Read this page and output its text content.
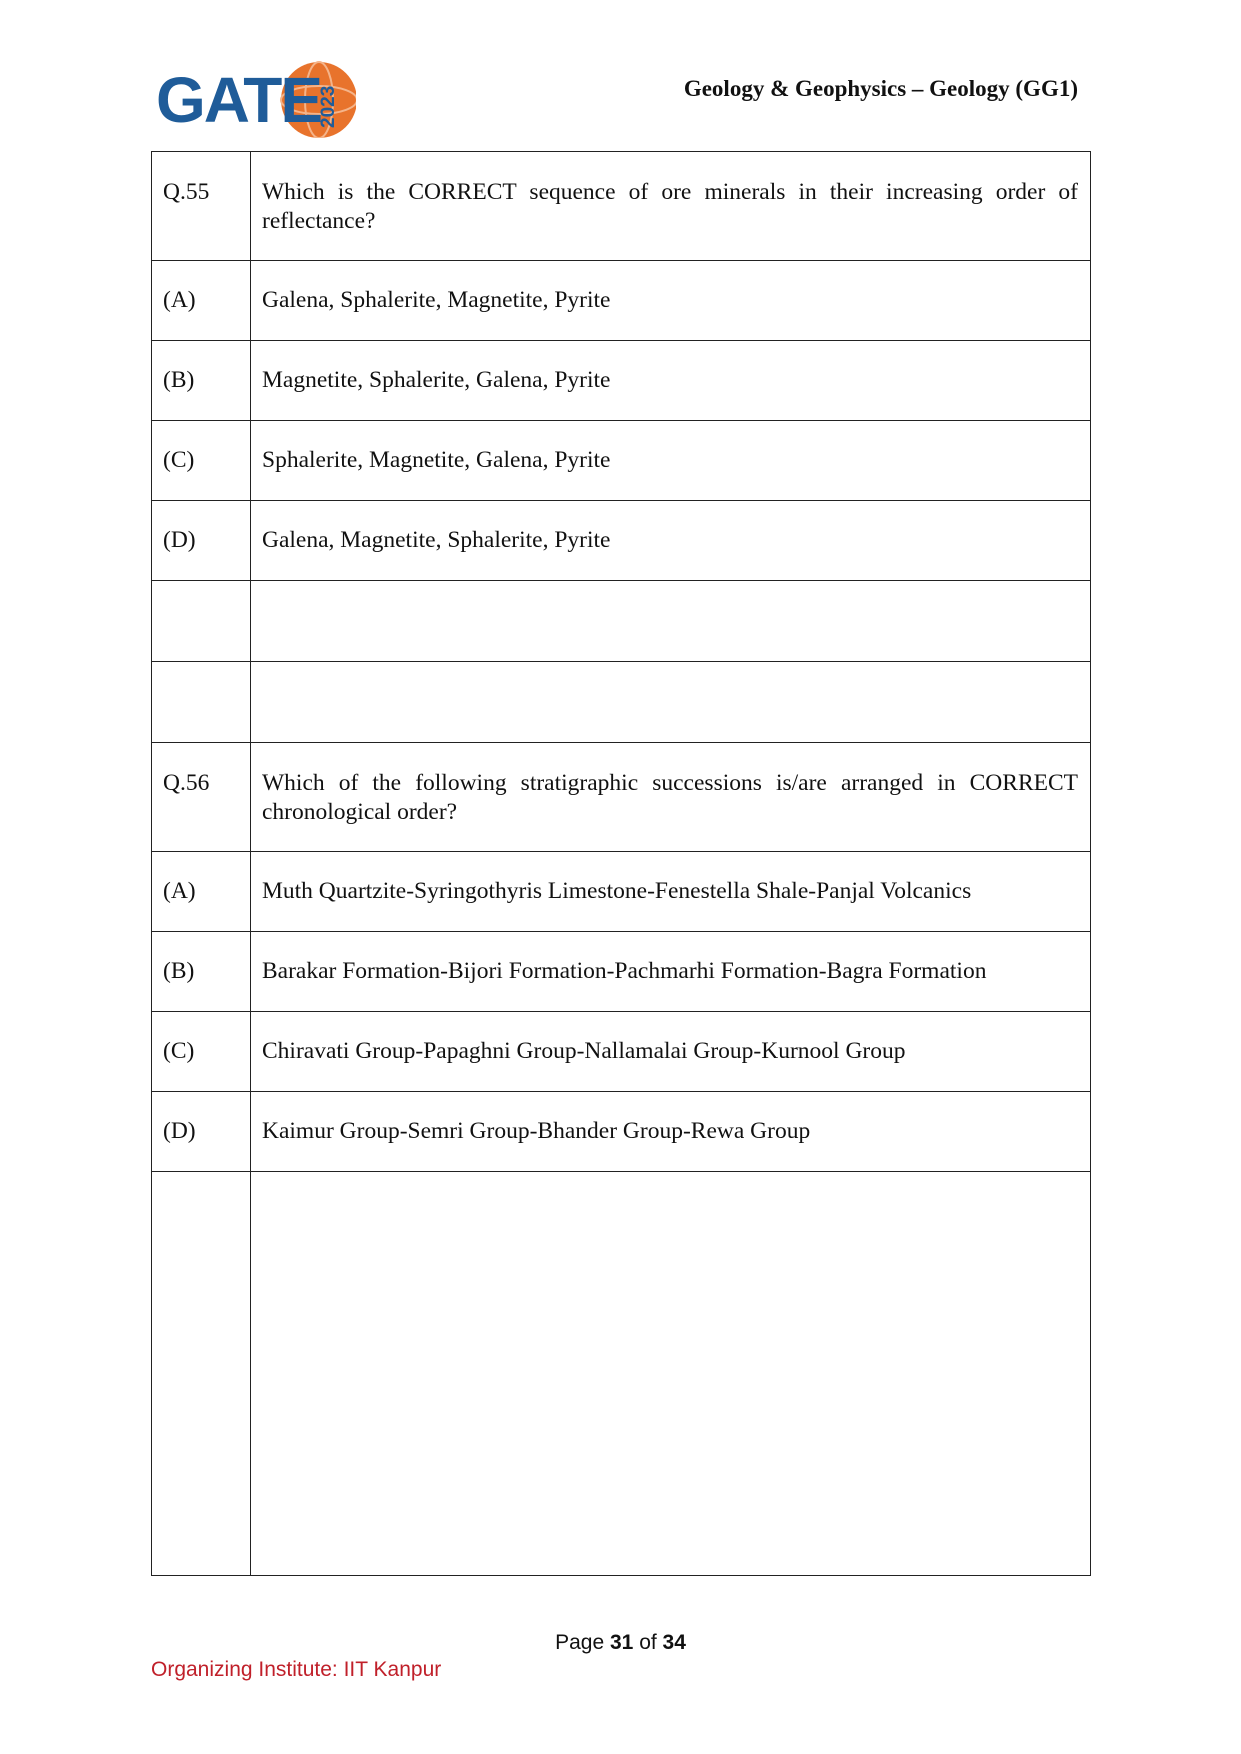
GATE
2023	Geology & Geophysics – Geology (GG1)
Q.55	Which is the CORRECT sequence of ore minerals in their increasing order of reflectance?
(A)	Galena, Sphalerite, Magnetite, Pyrite
(B)	Magnetite, Sphalerite, Galena, Pyrite
(C)	Sphalerite, Magnetite, Galena, Pyrite
(D)	Galena, Magnetite, Sphalerite, Pyrite

Q.56	Which of the following stratigraphic successions is/are arranged in CORRECT chronological order?
(A)	Muth Quartzite-Syringothyris Limestone-Fenestella Shale-Panjal Volcanics
(B)	Barakar Formation-Bijori Formation-Pachmarhi Formation-Bagra Formation
(C)	Chiravati Group-Papaghni Group-Nallamalai Group-Kurnool Group
(D)	Kaimur Group-Semri Group-Bhander Group-Rewa Group

Page 31 of 34
Organizing Institute: IIT Kanpur
